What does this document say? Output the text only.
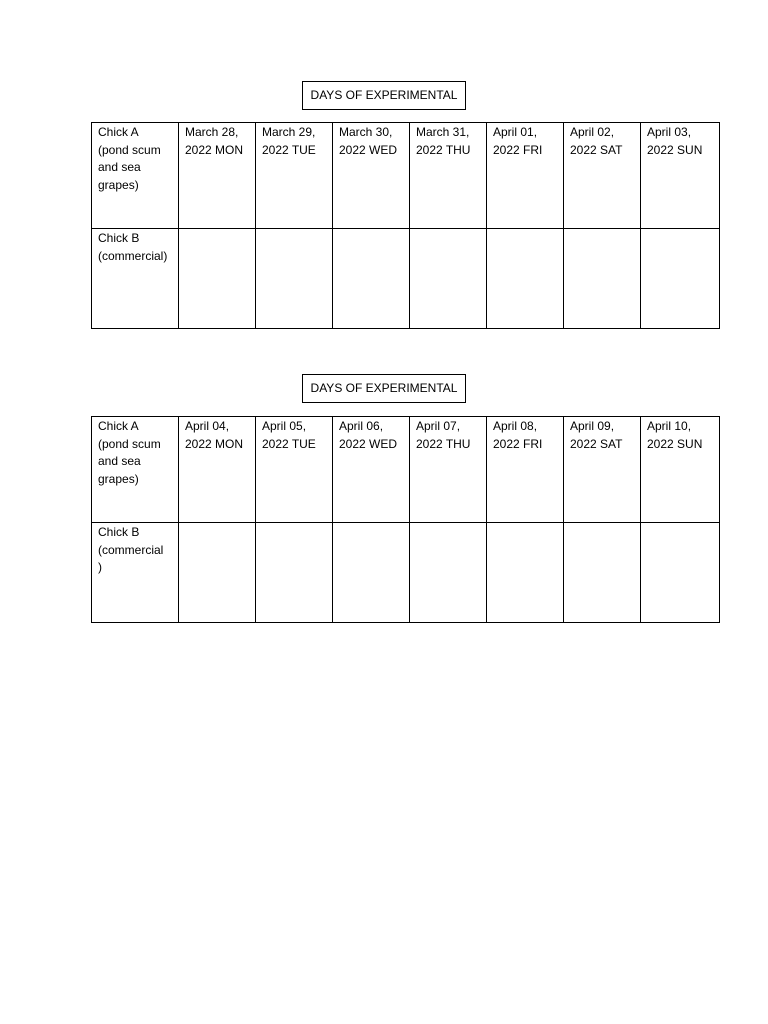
DAYS OF EXPERIMENTAL
Chick A
(pond scum
and sea
grapes)	March 28,
2022 MON	March 29,
2022 TUE	March 30,
2022 WED	March 31,
2022 THU	April 01,
2022 FRI	April 02,
2022 SAT	April 03,
2022 SUN

Chick B
(commercial)							

DAYS OF EXPERIMENTAL
Chick A
(pond scum
and sea
grapes)	April 04,
2022 MON	April 05,
2022 TUE	April 06,
2022 WED	April 07,
2022 THU	April 08,
2022 FRI	April 09,
2022 SAT	April 10,
2022 SUN

Chick B
(commercial
)							
